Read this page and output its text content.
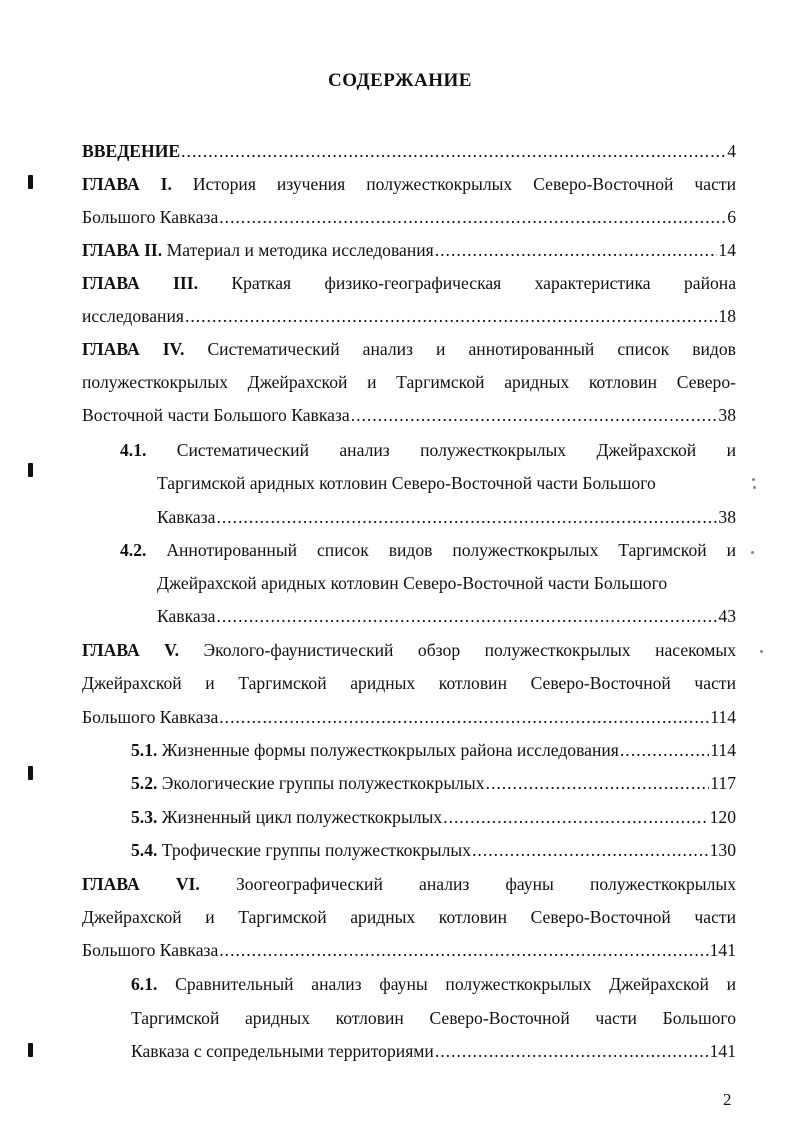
СОДЕРЖАНИЕ
ВВЕДЕНИЕ .....	4
ГЛАВА I. История изучения полужесткокрылых Северо-Восточной части
Большого Кавказа .....	6
ГЛАВА II. Материал и методика исследования .....	14
ГЛАВА III. Краткая физико-географическая характеристика района
исследования .....	18
ГЛАВА IV. Систематический анализ и аннотированный список видов
полужесткокрылых Джейрахской и Таргимской аридных котловин Северо-
Восточной части Большого Кавказа .....	38
4.1. Систематический анализ полужесткокрылых Джейрахской и
Таргимской аридных котловин Северо-Восточной части Большого
Кавказа .....	38
4.2. Аннотированный список видов полужесткокрылых Таргимской и
Джейрахской аридных котловин Северо-Восточной части Большого
Кавказа .....	43
ГЛАВА V. Эколого-фаунистический обзор полужесткокрылых насекомых
Джейрахской и Таргимской аридных котловин Северо-Восточной части
Большого Кавказа .....	114
5.1. Жизненные формы полужесткокрылых района исследования .....	114
5.2. Экологические группы полужесткокрылых .....	117
5.3. Жизненный цикл полужесткокрылых .....	120
5.4. Трофические группы полужесткокрылых .....	130
ГЛАВА VI. Зоогеографический анализ фауны полужесткокрылых
Джейрахской и Таргимской аридных котловин Северо-Восточной части
Большого Кавказа .....	141
6.1. Сравнительный анализ фауны полужесткокрылых Джейрахской и
Таргимской аридных котловин Северо-Восточной части Большого
Кавказа с сопредельными территориями .....	141
2
